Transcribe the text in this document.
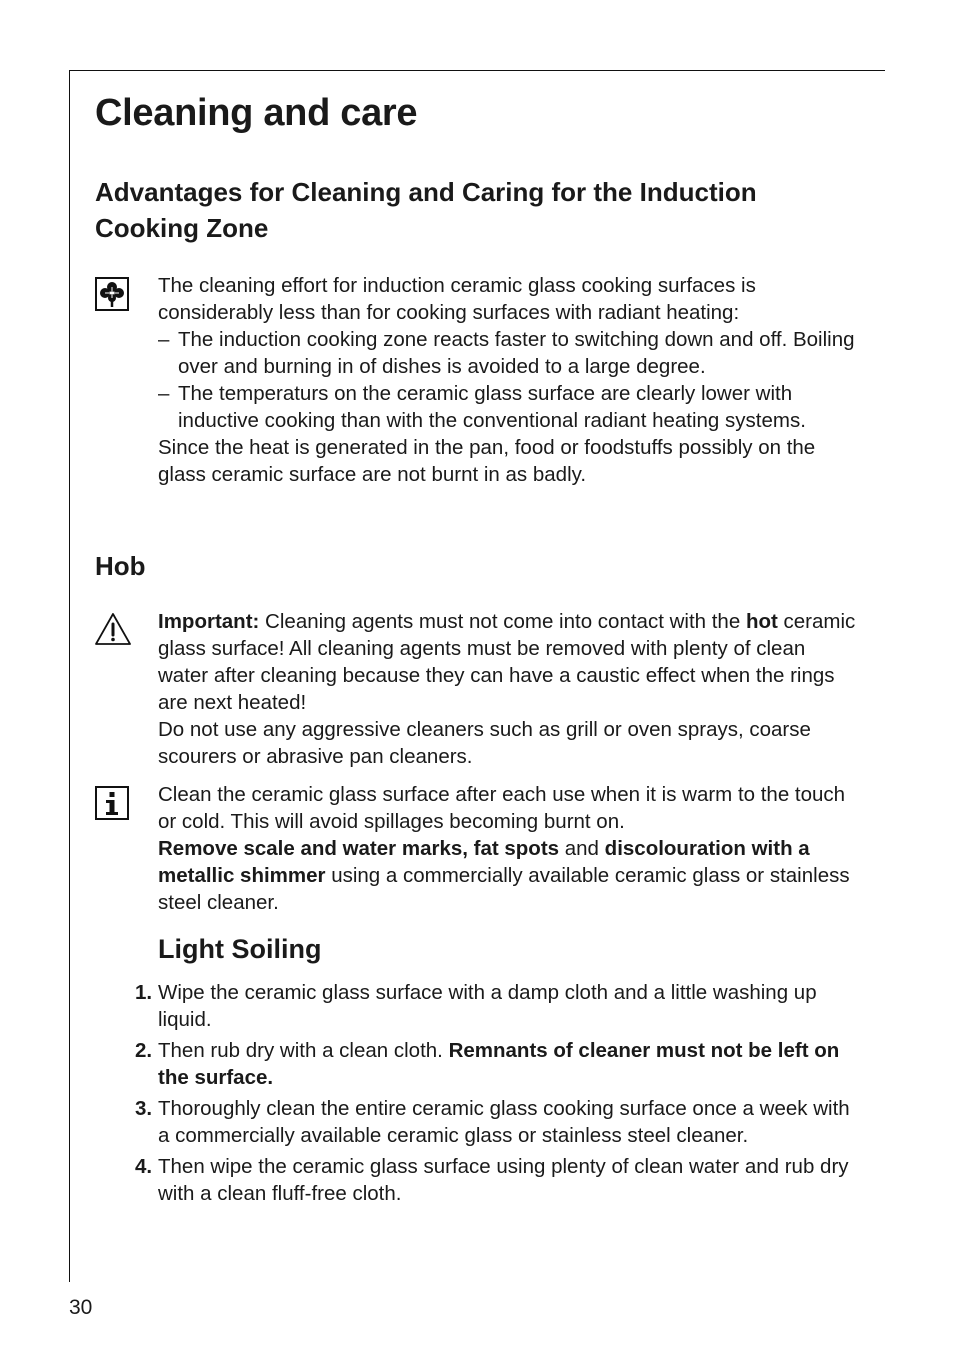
Cleaning and care
Advantages for Cleaning and Caring for the Induction Cooking Zone

The cleaning effort for induction ceramic glass cooking surfaces is considerably less than for cooking surfaces with radiant heating:

– The induction cooking zone reacts faster to switching down and off. Boiling over and burning in of dishes is avoided to a large degree.

– The temperaturs on the ceramic glass surface are clearly lower with inductive cooking than with the conventional radiant heating systems.

Since the heat is generated in the pan, food or foodstuffs possibly on the glass ceramic surface are not burnt in as badly.

Hob

Important: Cleaning agents must not come into contact with the hot ceramic glass surface! All cleaning agents must be removed with plenty of clean water after cleaning because they can have a caustic effect when the rings are next heated!

Do not use any aggressive cleaners such as grill or oven sprays, coarse scourers or abrasive pan cleaners.

Clean the ceramic glass surface after each use when it is warm to the touch or cold. This will avoid spillages becoming burnt on.

Remove scale and water marks, fat spots and discolouration with a metallic shimmer using a commercially available ceramic glass or stainless steel cleaner.

Light Soiling
1. Wipe the ceramic glass surface with a damp cloth and a little washing up liquid.
2. Then rub dry with a clean cloth. Remnants of cleaner must not be left on the surface.
3. Thoroughly clean the entire ceramic glass cooking surface once a week with a commercially available ceramic glass or stainless steel cleaner.
4. Then wipe the ceramic glass surface using plenty of clean water and rub dry with a clean fluff-free cloth.
30
